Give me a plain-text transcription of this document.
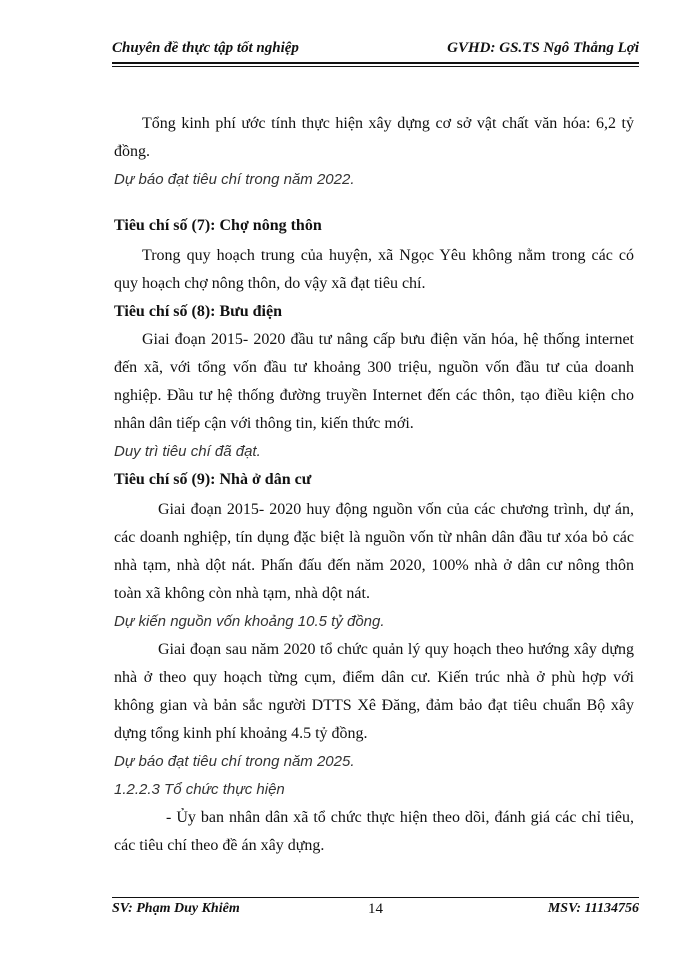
Chuyên đề thực tập tốt nghiệp	GVHD: GS.TS Ngô Thắng Lợi

Tổng kinh phí ước tính thực hiện xây dựng cơ sở vật chất văn hóa: 6,2 tỷ đồng.

Dự báo đạt tiêu chí trong năm 2022.

Tiêu chí số (7): Chợ nông thôn

Trong quy hoạch trung của huyện, xã Ngọc Yêu không nằm trong các có quy hoạch chợ nông thôn, do vậy xã đạt tiêu chí.

Tiêu chí số (8): Bưu điện

Giai đoạn 2015- 2020 đầu tư nâng cấp bưu điện văn hóa, hệ thống internet đến xã, với tổng vốn đầu tư khoảng 300 triệu, nguồn vốn đầu tư của doanh nghiệp. Đầu tư hệ thống đường truyền Internet đến các thôn, tạo điều kiện cho nhân dân tiếp cận với thông tin, kiến thức mới.

Duy trì tiêu chí đã đạt.

Tiêu chí số (9): Nhà ở dân cư

Giai đoạn 2015- 2020 huy động nguồn vốn của các chương trình, dự án, các doanh nghiệp, tín dụng đặc biệt là nguồn vốn từ nhân dân đầu tư xóa bỏ các nhà tạm, nhà dột nát. Phấn đấu đến năm 2020, 100% nhà ở dân cư nông thôn toàn xã không còn nhà tạm, nhà dột nát.

Dự kiến nguồn vốn khoảng 10.5 tỷ đồng.

Giai đoạn sau năm 2020 tổ chức quản lý quy hoạch theo hướng xây dựng nhà ở theo quy hoạch từng cụm, điểm dân cư. Kiến trúc nhà ở phù hợp với không gian và bản sắc người DTTS Xê Đăng, đảm bảo đạt tiêu chuẩn Bộ xây dựng tổng kinh phí khoảng 4.5 tỷ đồng.

Dự báo đạt tiêu chí trong năm 2025.

1.2.2.3 Tổ chức thực hiện

- Ủy ban nhân dân xã tổ chức thực hiện theo dõi, đánh giá các chỉ tiêu, các tiêu chí theo đề án xây dựng.

SV: Phạm Duy Khiêm	14	MSV: 11134756
